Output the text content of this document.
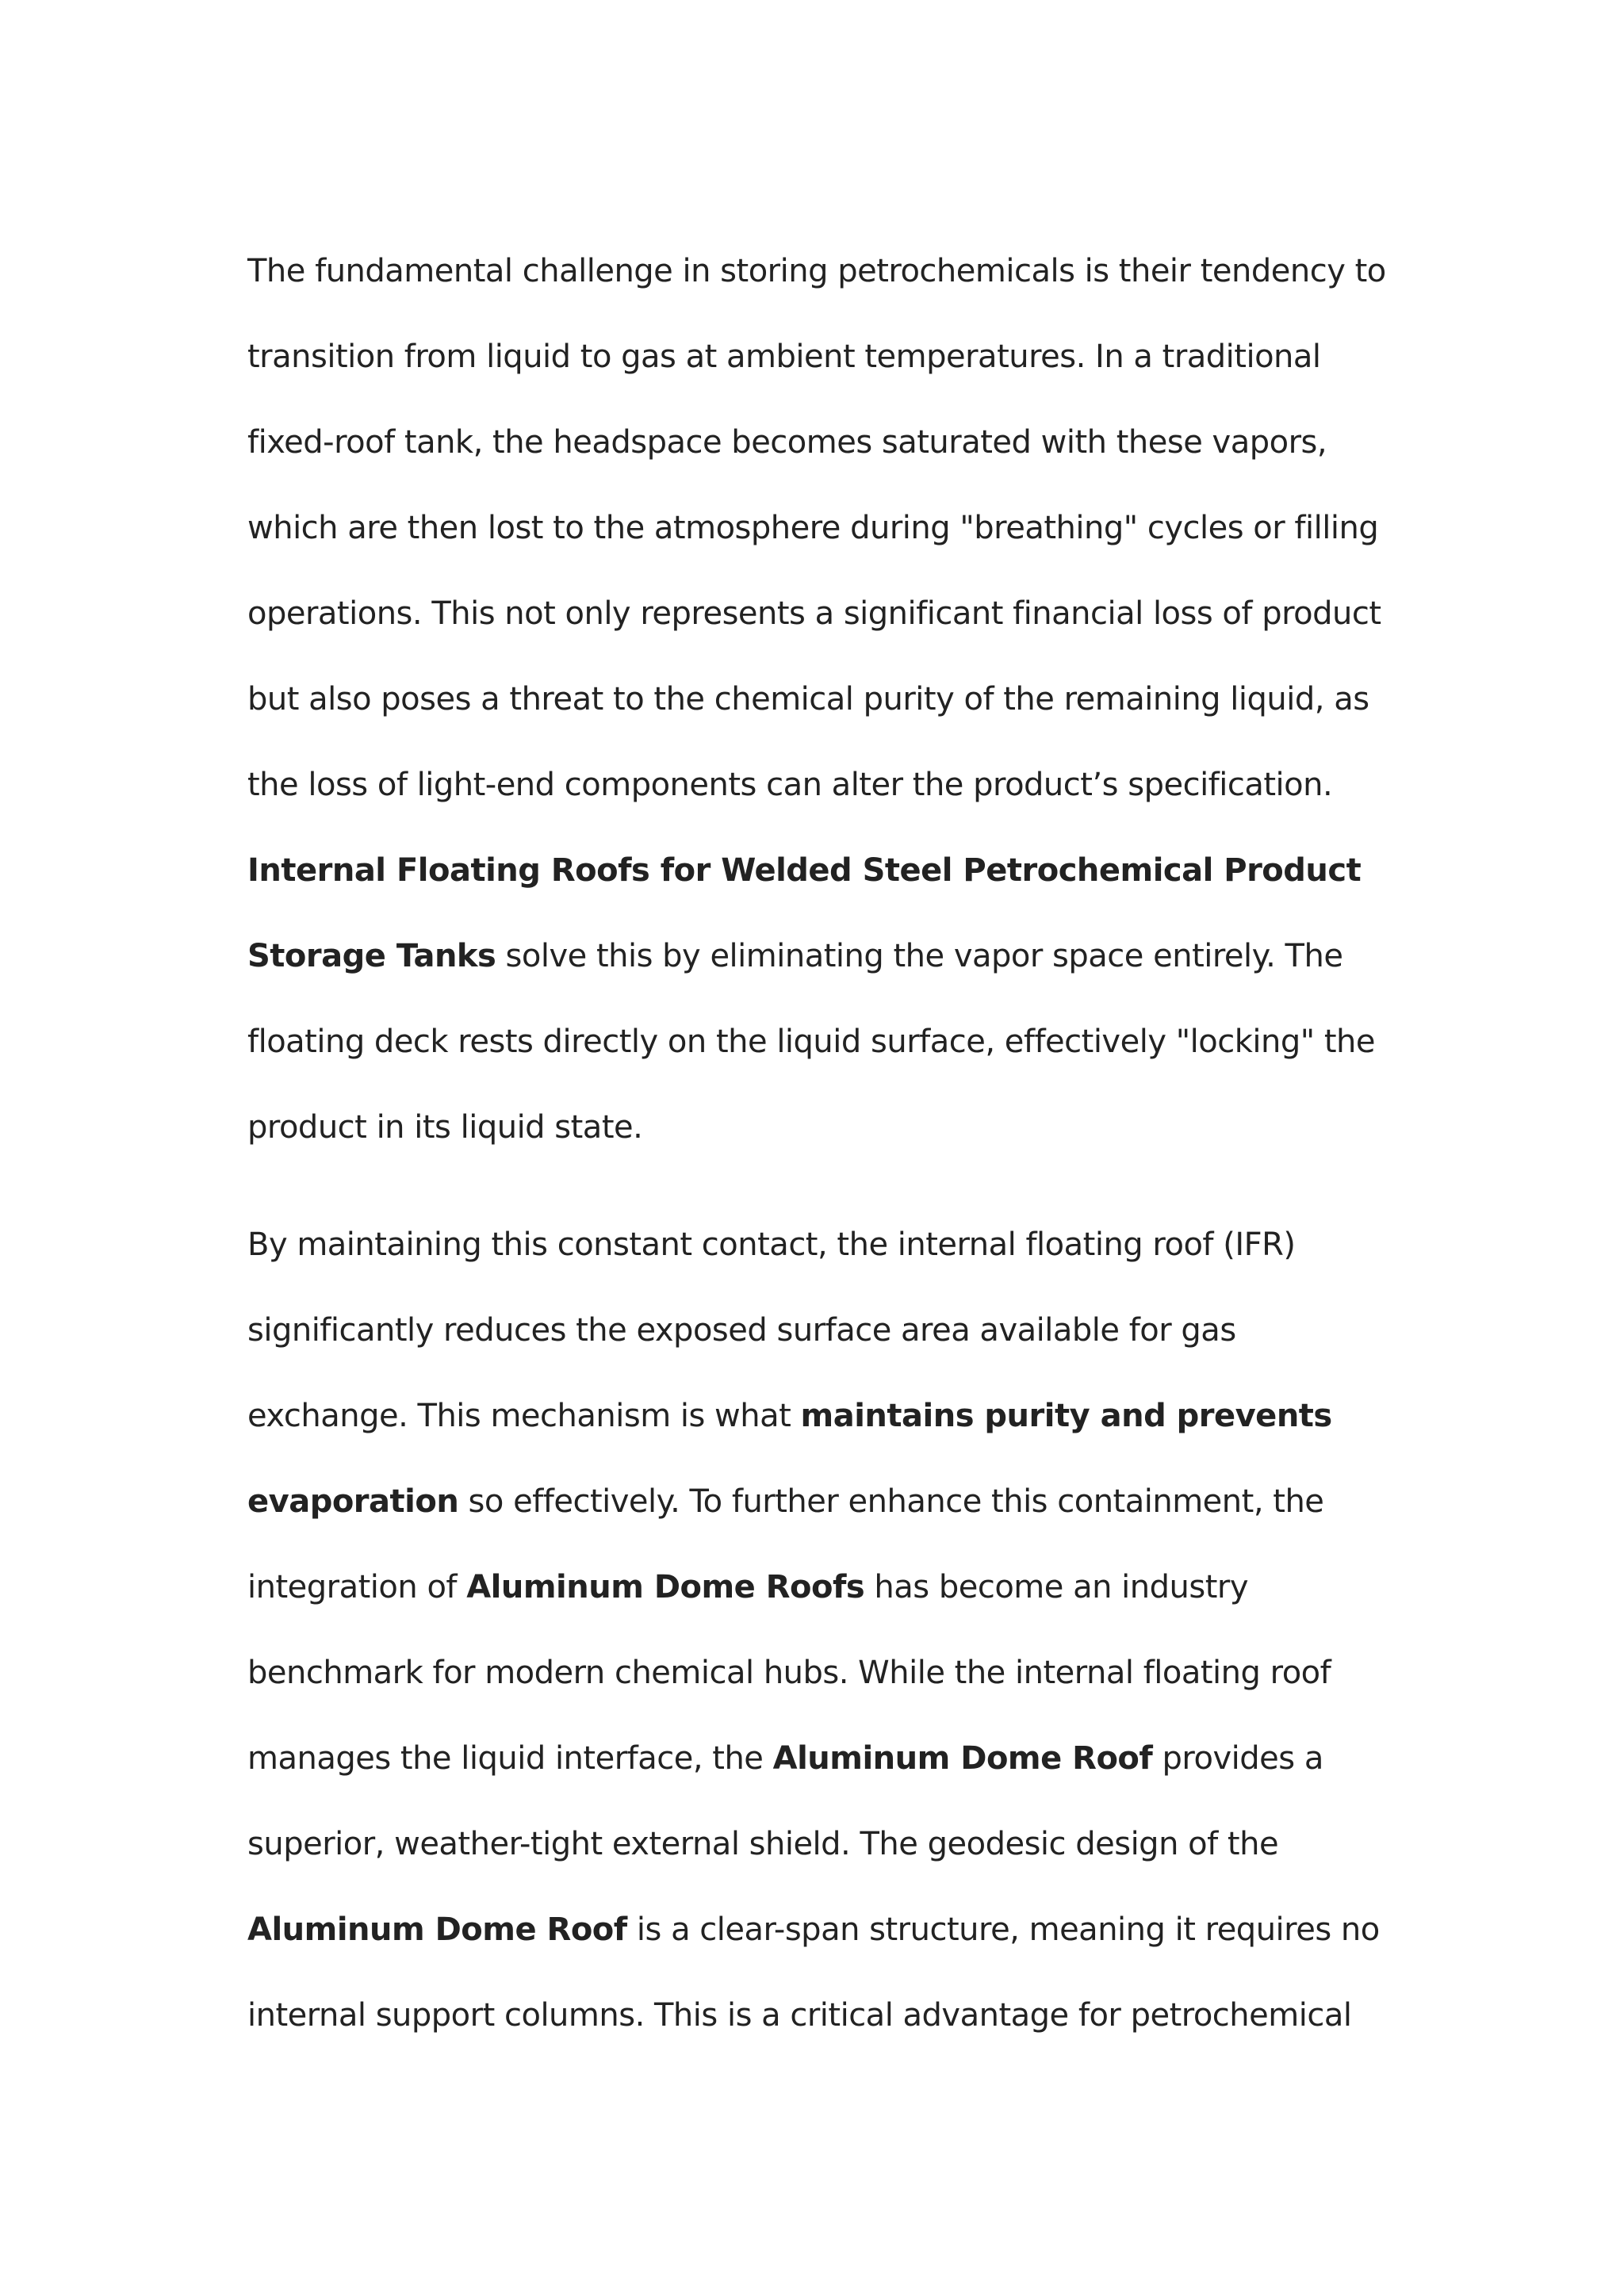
The fundamental challenge in storing petrochemicals is their tendency to transition from liquid to gas at ambient temperatures. In a traditional fixed-roof tank, the headspace becomes saturated with these vapors, which are then lost to the atmosphere during "breathing" cycles or filling operations. This not only represents a significant financial loss of product but also poses a threat to the chemical purity of the remaining liquid, as the loss of light-end components can alter the product’s specification. Internal Floating Roofs for Welded Steel Petrochemical Product Storage Tanks solve this by eliminating the vapor space entirely. The floating deck rests directly on the liquid surface, effectively "locking" the product in its liquid state.

By maintaining this constant contact, the internal floating roof (IFR) significantly reduces the exposed surface area available for gas exchange. This mechanism is what maintains purity and prevents evaporation so effectively. To further enhance this containment, the integration of Aluminum Dome Roofs has become an industry benchmark for modern chemical hubs. While the internal floating roof manages the liquid interface, the Aluminum Dome Roof provides a superior, weather-tight external shield. The geodesic design of the Aluminum Dome Roof is a clear-span structure, meaning it requires no internal support columns. This is a critical advantage for petrochemical
